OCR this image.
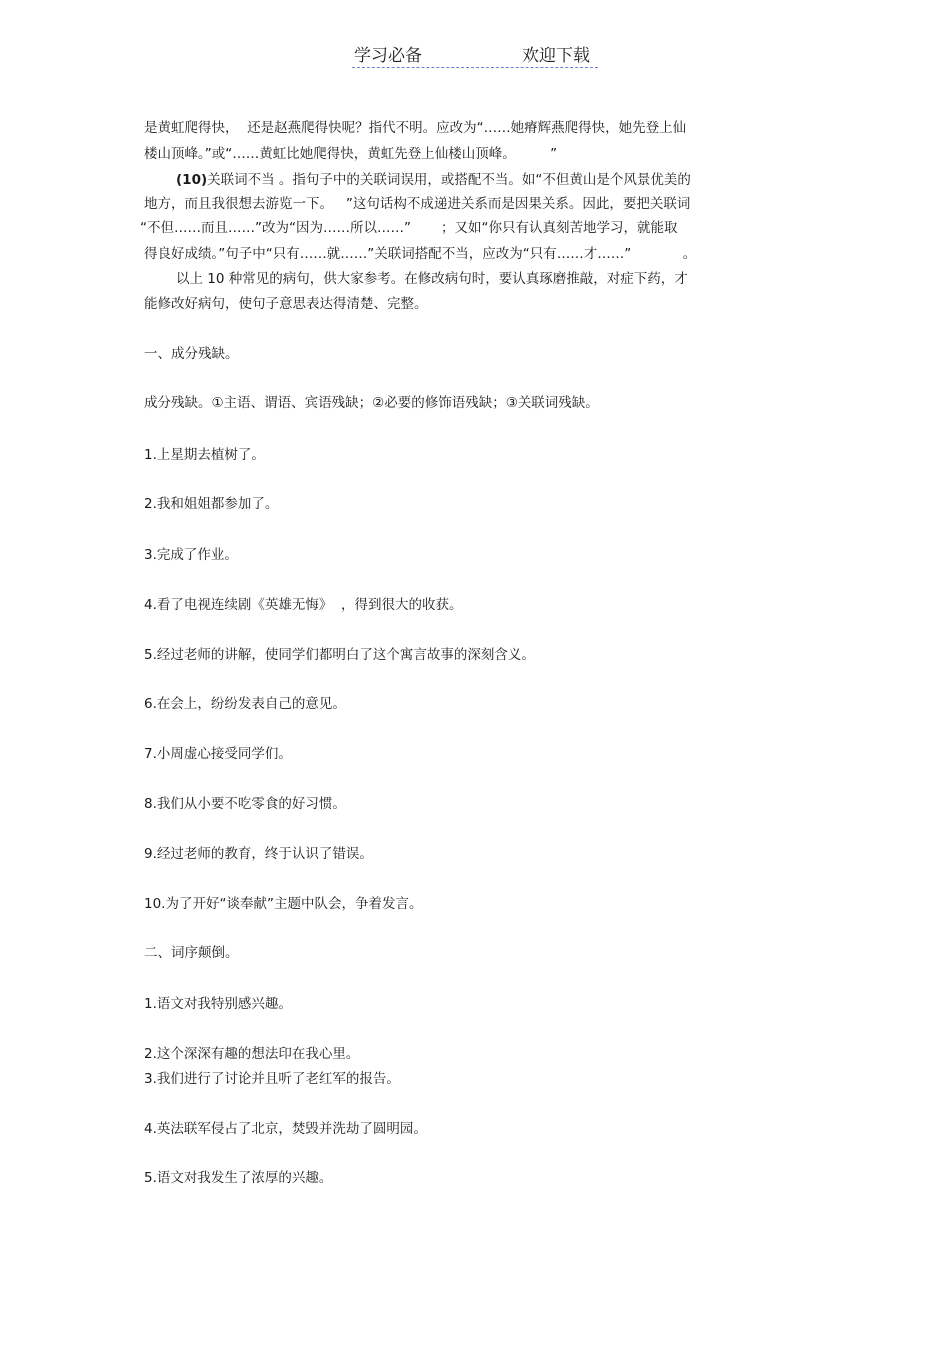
学习必备	欢迎下载
是黄虹爬得快，  还是赵燕爬得快呢？指代不明。应改为“……她瘠辉燕爬得快，她先登上仙
楼山顶峰。”或“……黄虹比她爬得快，黄虹先登上仙楼山顶峰。        ”
(10)关联词不当 。指句子中的关联词误用，或搭配不当。如“不但黄山是个风景优美的
地方，而且我很想去游览一下。   ”这句话构不成递进关系而是因果关系。因此，要把关联词
“不但……而且……”改为“因为……所以……”       ；又如“你只有认真刻苦地学习，就能取
得良好成绩。”句子中“只有……就……”关联词搭配不当，应改为“只有……才……”            。
以上 10 种常见的病句，供大家参考。在修改病句时，要认真琢磨推敲，对症下药，才
能修改好病句，使句子意思表达得清楚、完整。
一、成分残缺。
成分残缺。①主语、谓语、宾语残缺；②必要的修饰语残缺；③关联词残缺。
1.上星期去植树了。
2.我和姐姐都参加了。
3.完成了作业。
4.看了电视连续剧《英雄无悔》  ，得到很大的收获。
5.经过老师的讲解，使同学们都明白了这个寓言故事的深刻含义。
6.在会上，纷纷发表自己的意见。
7.小周虚心接受同学们。
8.我们从小要不吃零食的好习惯。
9.经过老师的教育，终于认识了错误。
10.为了开好“谈奉献”主题中队会，争着发言。
二、词序颠倒。
1.语文对我特别感兴趣。
2.这个深深有趣的想法印在我心里。
3.我们进行了讨论并且听了老红军的报告。
4.英法联军侵占了北京，焚毁并洗劫了圆明园。
5.语文对我发生了浓厚的兴趣。
